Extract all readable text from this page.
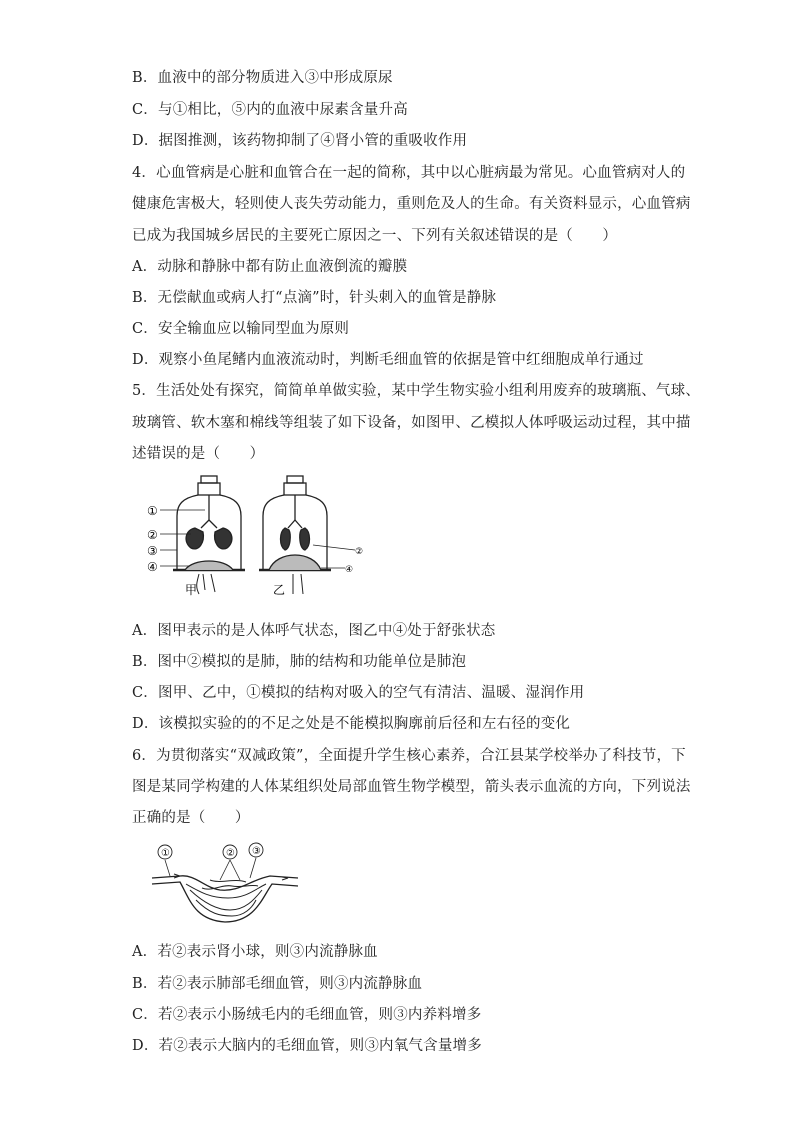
B．血液中的部分物质进入③中形成原尿
C．与①相比，⑤内的血液中尿素含量升高
D．据图推测，该药物抑制了④肾小管的重吸收作用
4．心血管病是心脏和血管合在一起的简称，其中以心脏病最为常见。心血管病对人的
健康危害极大，轻则使人丧失劳动能力，重则危及人的生命。有关资料显示，心血管病
已成为我国城乡居民的主要死亡原因之一、下列有关叙述错误的是（　　）
A．动脉和静脉中都有防止血液倒流的瓣膜
B．无偿献血或病人打“点滴”时，针头刺入的血管是静脉
C．安全输血应以输同型血为原则
D．观察小鱼尾鳍内血液流动时，判断毛细血管的依据是管中红细胞成单行通过
5．生活处处有探究，简简单单做实验，某中学生物实验小组利用废弃的玻璃瓶、气球、
玻璃管、软木塞和棉线等组装了如下设备，如图甲、乙模拟人体呼吸运动过程，其中描
述错误的是（　　）
①
②
③
④
②
④
甲	乙
A．图甲表示的是人体呼气状态，图乙中④处于舒张状态
B．图中②模拟的是肺，肺的结构和功能单位是肺泡
C．图甲、乙中，①模拟的结构对吸入的空气有清洁、温暖、湿润作用
D．该模拟实验的的不足之处是不能模拟胸廓前后径和左右径的变化
6．为贯彻落实“双减政策”，全面提升学生核心素养，合江县某学校举办了科技节，下
图是某同学构建的人体某组织处局部血管生物学模型，箭头表示血流的方向，下列说法
正确的是（　　）
①	② ③
A．若②表示肾小球，则③内流静脉血
B．若②表示肺部毛细血管，则③内流静脉血
C．若②表示小肠绒毛内的毛细血管，则③内养料增多
D．若②表示大脑内的毛细血管，则③内氧气含量增多
